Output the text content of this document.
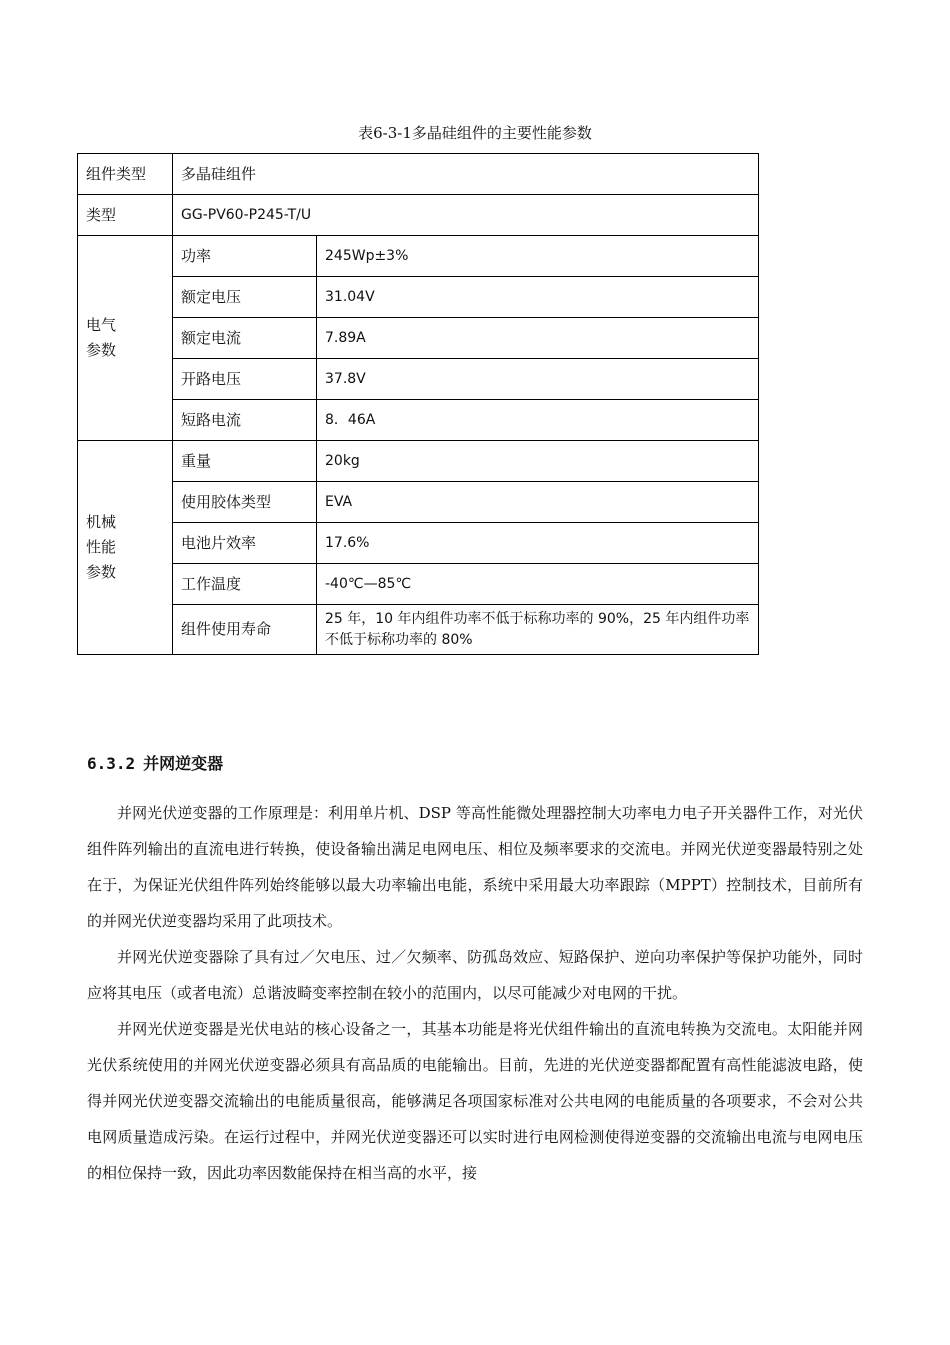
表6-3-1多晶硅组件的主要性能参数
组件类型	多晶硅组件	
类型	GG-PV60-P245-T/U	
电气
参数	功率	245Wp±3%
	额定电压	31.04V
	额定电流	7.89A
	开路电压	37.8V
	短路电流	8．46A
机械
性能
参数	重量	20kg
	使用胶体类型	EVA
	电池片效率	17.6%
	工作温度	-40℃—85℃
	组件使用寿命	25 年，10 年内组件功率不低于标称功率的 90%，25 年内组件功率不低于标称功率的 80%
6.3.2 并网逆变器

并网光伏逆变器的工作原理是：利用单片机、DSP 等高性能微处理器控制大功率电力电子开关器件工作，对光伏组件阵列输出的直流电进行转换，使设备输出满足电网电压、相位及频率要求的交流电。并网光伏逆变器最特别之处在于，为保证光伏组件阵列始终能够以最大功率输出电能，系统中采用最大功率跟踪（MPPT）控制技术，目前所有的并网光伏逆变器均采用了此项技术。

并网光伏逆变器除了具有过／欠电压、过／欠频率、防孤岛效应、短路保护、逆向功率保护等保护功能外，同时应将其电压（或者电流）总谐波畸变率控制在较小的范围内，以尽可能减少对电网的干扰。

并网光伏逆变器是光伏电站的核心设备之一，其基本功能是将光伏组件输出的直流电转换为交流电。太阳能并网光伏系统使用的并网光伏逆变器必须具有高品质的电能输出。目前，先进的光伏逆变器都配置有高性能滤波电路，使得并网光伏逆变器交流输出的电能质量很高，能够满足各项国家标准对公共电网的电能质量的各项要求，不会对公共电网质量造成污染。在运行过程中，并网光伏逆变器还可以实时进行电网检测使得逆变器的交流输出电流与电网电压的相位保持一致，因此功率因数能保持在相当高的水平，接
